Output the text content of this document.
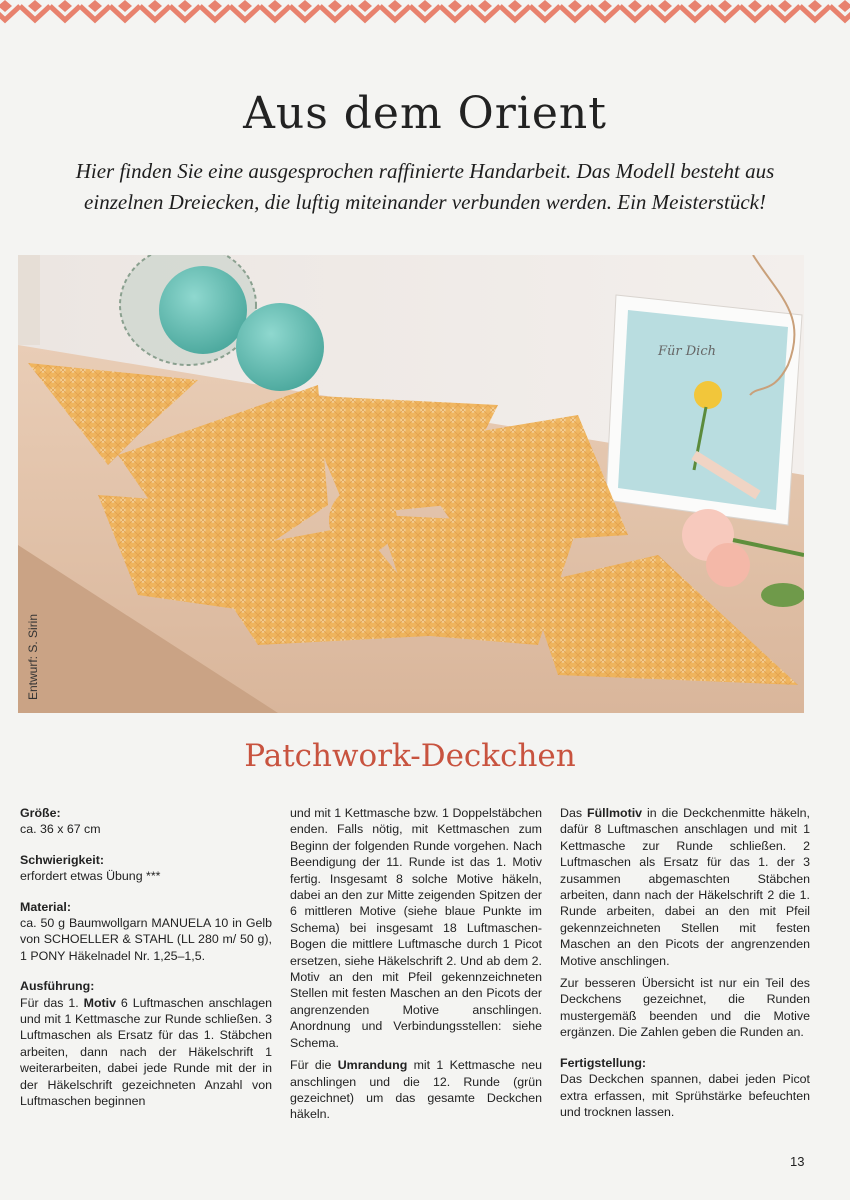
Aus dem Orient
Hier finden Sie eine ausgesprochen raffinierte Handarbeit. Das Modell besteht aus
einzelnen Dreiecken, die luftig miteinander verbunden werden. Ein Meisterstück!
Für Dich
Entwurf: S. Sirin
Patchwork-Deckchen
Größe:
ca. 36 x 67 cm
Schwierigkeit:
erfordert etwas Übung ***
Material:
ca. 50 g Baumwollgarn MANUELA 10 in Gelb von SCHOELLER & STAHL (LL 280 m/ 50 g), 1 PONY Häkelnadel Nr. 1,25–1,5.
Ausführung:
Für das 1. Motiv 6 Luftmaschen anschlagen und mit 1 Kettmasche zur Runde schließen. 3 Luftmaschen als Ersatz für das 1. Stäbchen arbeiten, dann nach der Häkelschrift 1 weiterarbeiten, dabei jede Runde mit der in der Häkelschrift gezeichneten Anzahl von Luftmaschen beginnen
und mit 1 Kettmasche bzw. 1 Doppelstäbchen enden. Falls nötig, mit Kettmaschen zum Beginn der folgenden Runde vorgehen. Nach Beendigung der 11. Runde ist das 1. Motiv fertig. Insgesamt 8 solche Motive häkeln, dabei an den zur Mitte zeigenden Spitzen der 6 mittleren Motive (siehe blaue Punkte im Schema) bei insgesamt 18 Luftmaschen-Bogen die mittlere Luftmasche durch 1 Picot ersetzen, siehe Häkelschrift 2. Und ab dem 2. Motiv an den mit Pfeil gekennzeichneten Stellen mit festen Maschen an den Picots der angrenzenden Motive anschlingen. Anordnung und Verbindungsstellen: siehe Schema.
Für die Umrandung mit 1 Kettmasche neu anschlingen und die 12. Runde (grün gezeichnet) um das gesamte Deckchen häkeln.
Das Füllmotiv in die Deckchenmitte häkeln, dafür 8 Luftmaschen anschlagen und mit 1 Kettmasche zur Runde schließen. 2 Luftmaschen als Ersatz für das 1. der 3 zusammen abgemaschten Stäbchen arbeiten, dann nach der Häkelschrift 2 die 1. Runde arbeiten, dabei an den mit Pfeil gekennzeichneten Stellen mit festen Maschen an den Picots der angrenzenden Motive anschlingen.
Zur besseren Übersicht ist nur ein Teil des Deckchens gezeichnet, die Runden mustergemäß beenden und die Motive ergänzen. Die Zahlen geben die Runden an.
Fertigstellung:
Das Deckchen spannen, dabei jeden Picot extra erfassen, mit Sprühstärke befeuchten und trocknen lassen.
13
